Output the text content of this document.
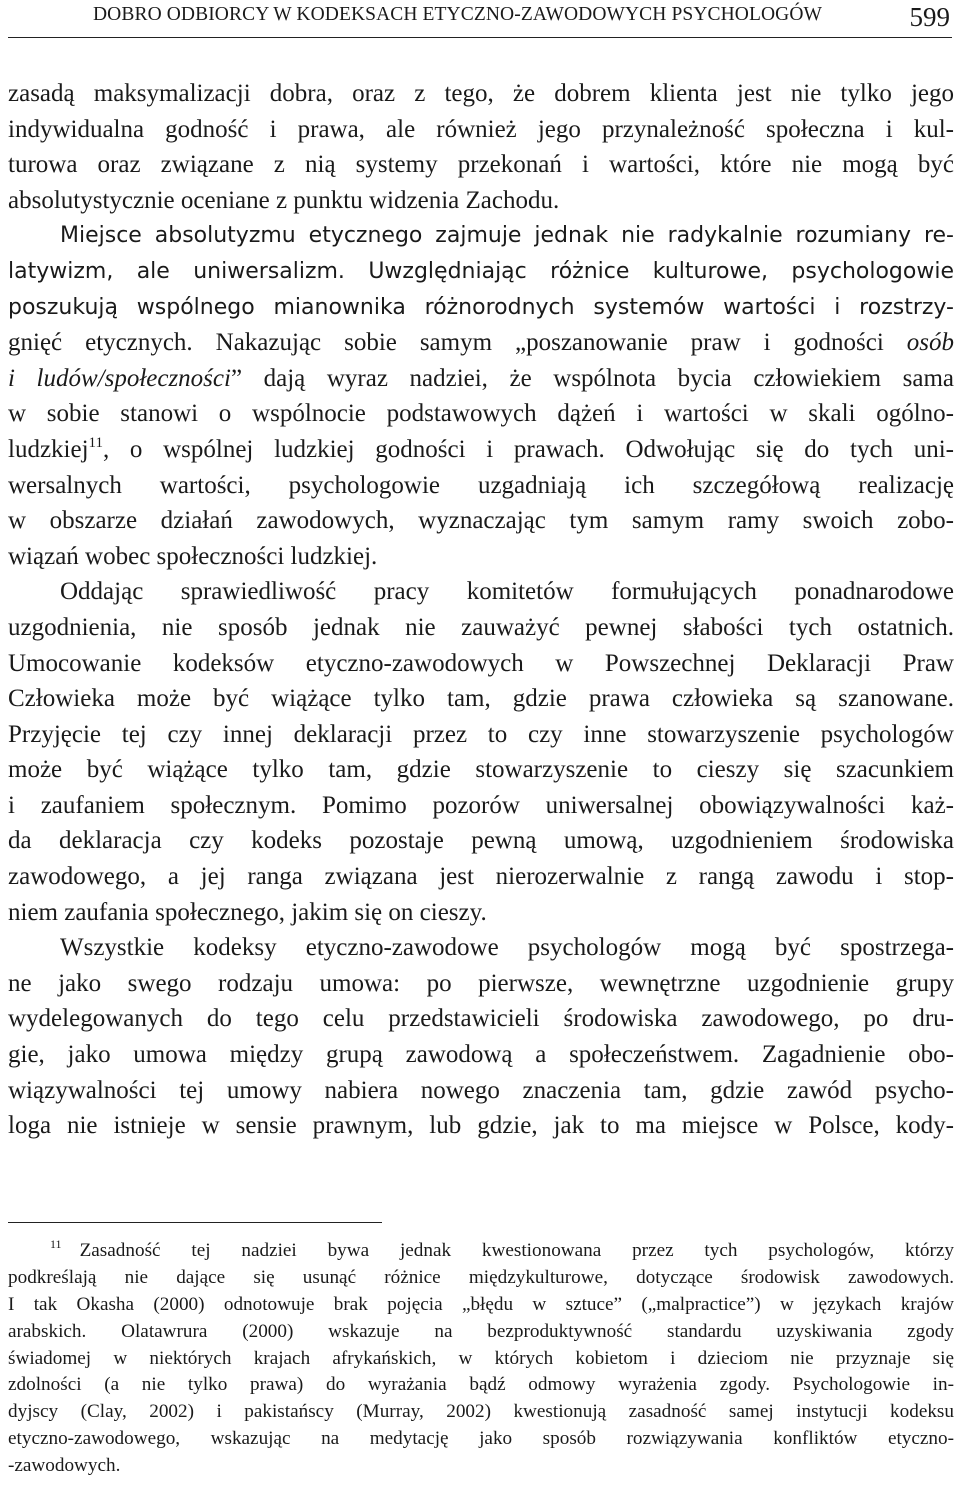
DOBRO ODBIORCY W KODEKSACH ETYCZNO-ZAWODOWYCH PSYCHOLOGÓW	599
zasadą maksymalizacji dobra, oraz z tego, że dobrem klienta jest nie tylko jego
indywidualna godność i prawa, ale również jego przynależność społeczna i kul-
turowa oraz związane z nią systemy przekonań i wartości, które nie mogą być
absolutystycznie oceniane z punktu widzenia Zachodu.
Miejsce absolutyzmu etycznego zajmuje jednak nie radykalnie rozumiany re-
latywizm, ale uniwersalizm. Uwzględniając różnice kulturowe, psychologowie
poszukują wspólnego mianownika różnorodnych systemów wartości i rozstrzy-
gnięć etycznych. Nakazując sobie samym „poszanowanie praw i godności osób
i ludów/społeczności” dają wyraz nadziei, że wspólnota bycia człowiekiem sama
w sobie stanowi o wspólnocie podstawowych dążeń i wartości w skali ogólno-
ludzkiej$^{11}$, o wspólnej ludzkiej godności i prawach. Odwołując się do tych uni-
wersalnych wartości, psychologowie uzgadniają ich szczegółową realizację
w obszarze działań zawodowych, wyznaczając tym samym ramy swoich zobo-
wiązań wobec społeczności ludzkiej.
Oddając sprawiedliwość pracy komitetów formułujących ponadnarodowe
uzgodnienia, nie sposób jednak nie zauważyć pewnej słabości tych ostatnich.
Umocowanie kodeksów etyczno-zawodowych w Powszechnej Deklaracji Praw
Człowieka może być wiążące tylko tam, gdzie prawa człowieka są szanowane.
Przyjęcie tej czy innej deklaracji przez to czy inne stowarzyszenie psychologów
może być wiążące tylko tam, gdzie stowarzyszenie to cieszy się szacunkiem
i zaufaniem społecznym. Pomimo pozorów uniwersalnej obowiązywalności każ-
da deklaracja czy kodeks pozostaje pewną umową, uzgodnieniem środowiska
zawodowego, a jej ranga związana jest nierozerwalnie z rangą zawodu i stop-
niem zaufania społecznego, jakim się on cieszy.
Wszystkie kodeksy etyczno-zawodowe psychologów mogą być spostrzega-
ne jako swego rodzaju umowa: po pierwsze, wewnętrzne uzgodnienie grupy
wydelegowanych do tego celu przedstawicieli środowiska zawodowego, po dru-
gie, jako umowa między grupą zawodową a społeczeństwem. Zagadnienie obo-
wiązywalności tej umowy nabiera nowego znaczenia tam, gdzie zawód psycho-
loga nie istnieje w sensie prawnym, lub gdzie, jak to ma miejsce w Polsce, kody-
$^{11}$ Zasadność tej nadziei bywa jednak kwestionowana przez tych psychologów, którzy
podkreślają nie dające się usunąć różnice międzykulturowe, dotyczące środowisk zawodowych.
I tak Okasha (2000) odnotowuje brak pojęcia „błędu w sztuce” („malpractice”) w językach krajów
arabskich. Olatawrura (2000) wskazuje na bezproduktywność standardu uzyskiwania zgody
świadomej w niektórych krajach afrykańskich, w których kobietom i dzieciom nie przyznaje się
zdolności (a nie tylko prawa) do wyrażania bądź odmowy wyrażenia zgody. Psychologowie in-
dyjscy (Clay, 2002) i pakistańscy (Murray, 2002) kwestionują zasadność samej instytucji kodeksu
etyczno-zawodowego, wskazując na medytację jako sposób rozwiązywania konfliktów etyczno-
-zawodowych.
